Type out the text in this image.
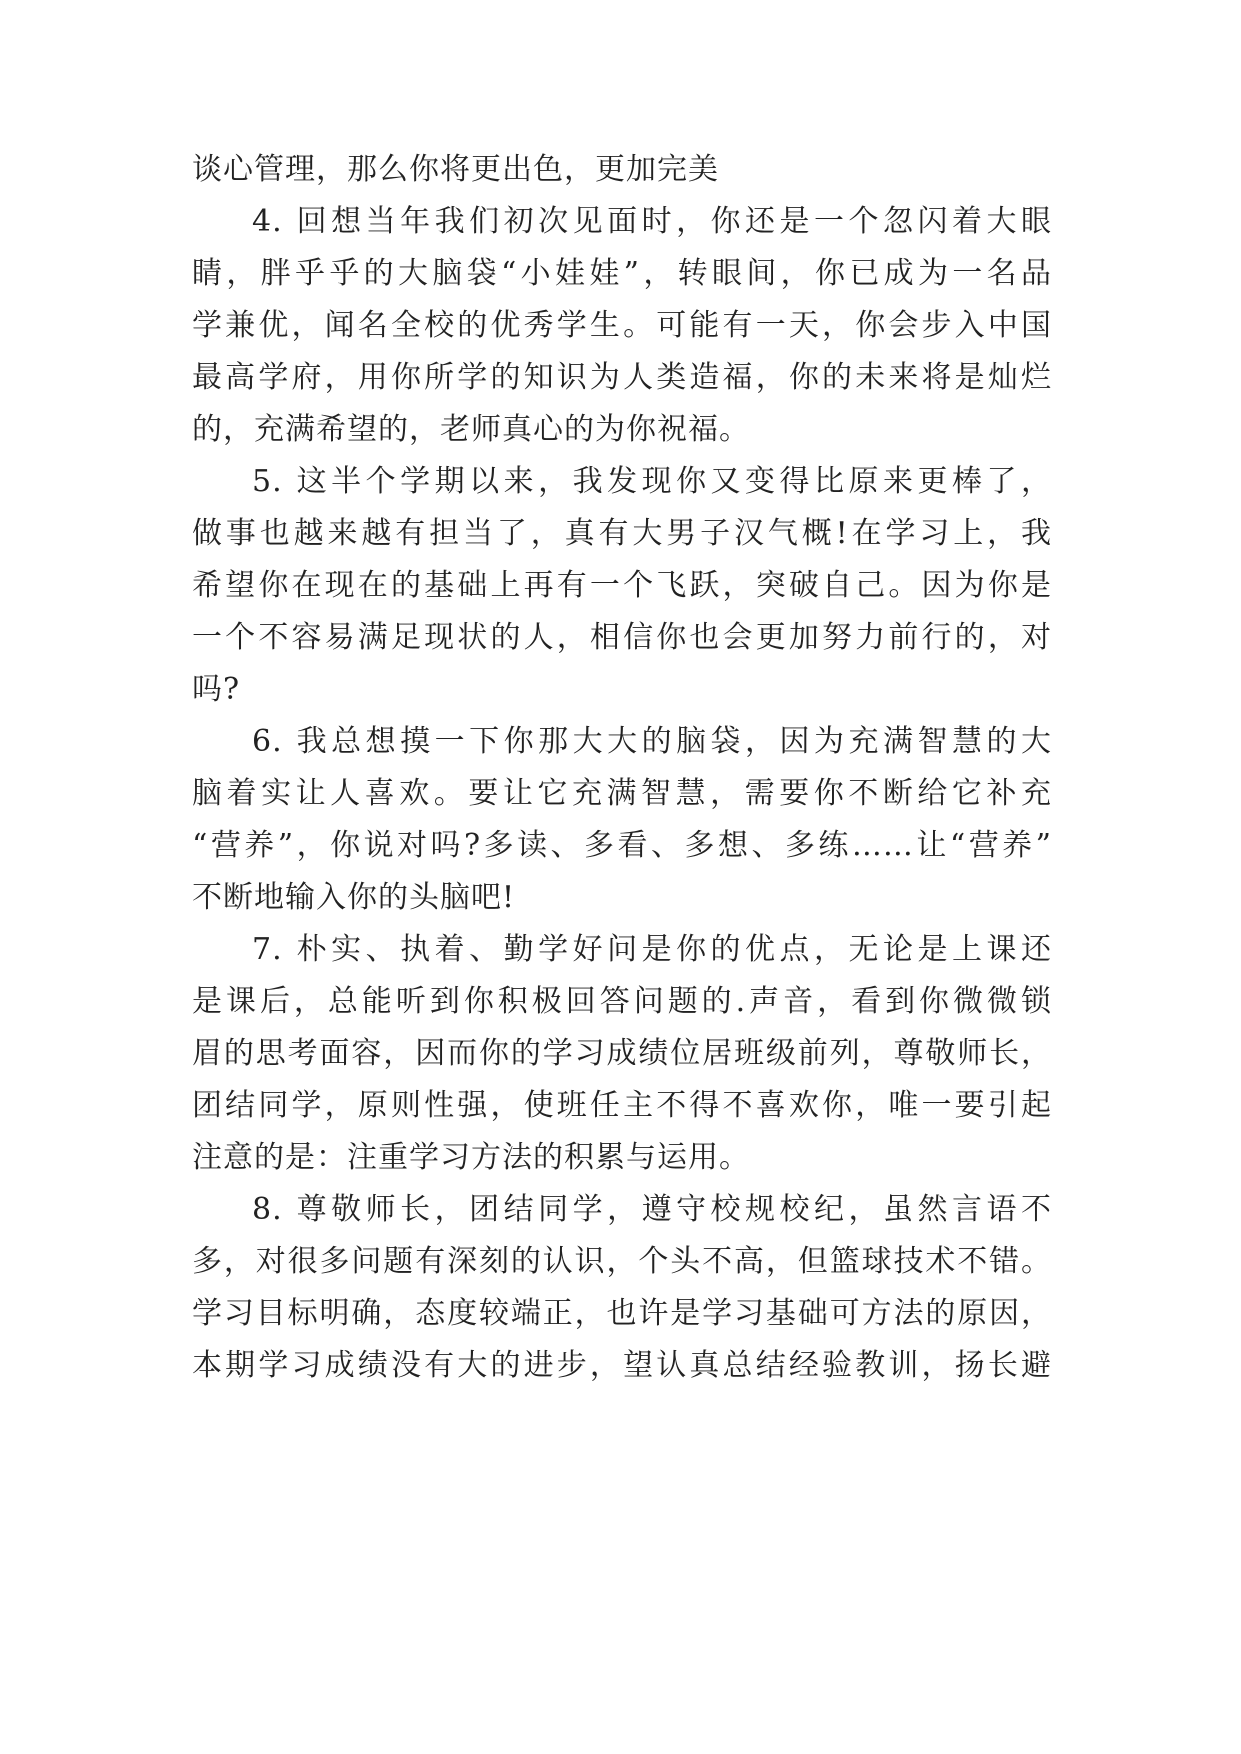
谈心管理，那么你将更出色，更加完美
4. 回想当年我们初次见面时，你还是一个忽闪着大眼
睛，胖乎乎的大脑袋“小娃娃”，转眼间，你已成为一名品
学兼优，闻名全校的优秀学生。可能有一天，你会步入中国
最高学府，用你所学的知识为人类造福，你的未来将是灿烂
的，充满希望的，老师真心的为你祝福。
5. 这半个学期以来，我发现你又变得比原来更棒了，
做事也越来越有担当了，真有大男子汉气概!在学习上，我
希望你在现在的基础上再有一个飞跃，突破自己。因为你是
一个不容易满足现状的人，相信你也会更加努力前行的，对
吗?
6. 我总想摸一下你那大大的脑袋，因为充满智慧的大
脑着实让人喜欢。要让它充满智慧，需要你不断给它补充
“营养”，你说对吗?多读、多看、多想、多练……让“营养”
不断地输入你的头脑吧!
7. 朴实、执着、勤学好问是你的优点，无论是上课还
是课后，总能听到你积极回答问题的.声音，看到你微微锁
眉的思考面容，因而你的学习成绩位居班级前列，尊敬师长，
团结同学，原则性强，使班任主不得不喜欢你，唯一要引起
注意的是：注重学习方法的积累与运用。
8. 尊敬师长，团结同学，遵守校规校纪，虽然言语不
多，对很多问题有深刻的认识，个头不高，但篮球技术不错。
学习目标明确，态度较端正，也许是学习基础可方法的原因，
本期学习成绩没有大的进步，望认真总结经验教训，扬长避
